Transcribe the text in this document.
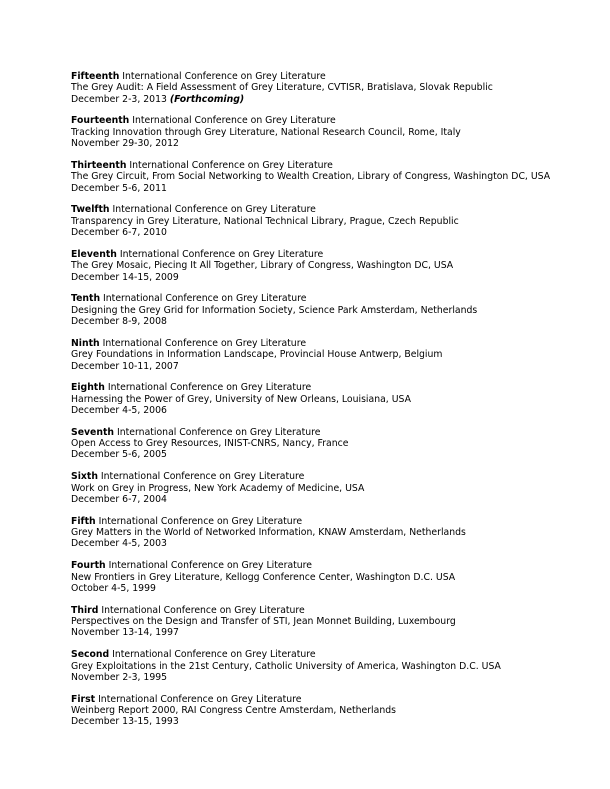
Fifteenth International Conference on Grey Literature
The Grey Audit: A Field Assessment of Grey Literature, CVTISR, Bratislava, Slovak Republic
December 2-3, 2013 (Forthcoming)
Fourteenth International Conference on Grey Literature
Tracking Innovation through Grey Literature, National Research Council, Rome, Italy
November 29-30, 2012
Thirteenth International Conference on Grey Literature
The Grey Circuit, From Social Networking to Wealth Creation, Library of Congress, Washington DC, USA
December 5-6, 2011
Twelfth International Conference on Grey Literature
Transparency in Grey Literature, National Technical Library, Prague, Czech Republic
December 6-7, 2010
Eleventh International Conference on Grey Literature
The Grey Mosaic, Piecing It All Together, Library of Congress, Washington DC, USA
December 14-15, 2009
Tenth International Conference on Grey Literature
Designing the Grey Grid for Information Society, Science Park Amsterdam, Netherlands
December 8-9, 2008
Ninth International Conference on Grey Literature
Grey Foundations in Information Landscape, Provincial House Antwerp, Belgium
December 10-11, 2007
Eighth International Conference on Grey Literature
Harnessing the Power of Grey, University of New Orleans, Louisiana, USA
December 4-5, 2006
Seventh International Conference on Grey Literature
Open Access to Grey Resources, INIST-CNRS, Nancy, France
December 5-6, 2005
Sixth International Conference on Grey Literature
Work on Grey in Progress, New York Academy of Medicine, USA
December 6-7, 2004
Fifth International Conference on Grey Literature
Grey Matters in the World of Networked Information, KNAW Amsterdam, Netherlands
December 4-5, 2003
Fourth International Conference on Grey Literature
New Frontiers in Grey Literature, Kellogg Conference Center, Washington D.C. USA
October 4-5, 1999
Third International Conference on Grey Literature
Perspectives on the Design and Transfer of STI, Jean Monnet Building, Luxembourg
November 13-14, 1997
Second International Conference on Grey Literature
Grey Exploitations in the 21st Century, Catholic University of America, Washington D.C. USA
November 2-3, 1995
First International Conference on Grey Literature
Weinberg Report 2000, RAI Congress Centre Amsterdam, Netherlands
December 13-15, 1993
